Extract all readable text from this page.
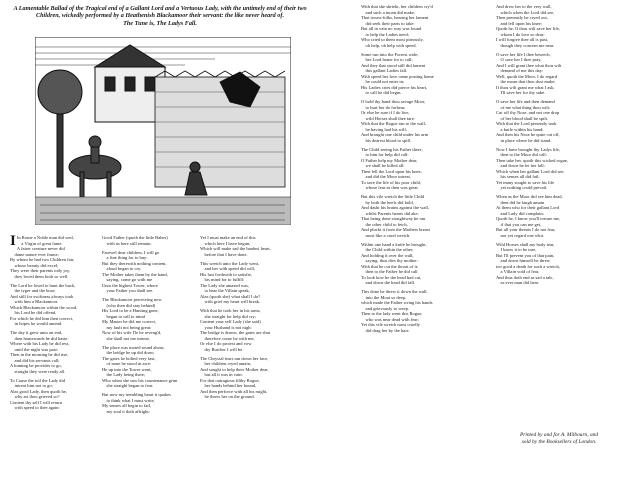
A Lamentable Ballad of the Tragical end of a Gallant Lord and a Vertuous Lady, with the untimely end of their two Children, wickedly performed by a Heathenish Blackamoor their servant: the like never heard of.
The Tune is, The Ladys Fall.

I In Rome a Noble man did wed,
 a Virgin of great fame.
A fairer creature never did
 dame nature ever frame;
By whom he had two Children fair,
 whose beauty did excel;
They were their parents only joy,
 they loved them both so well.

The Lord he loved to hunt the buck,
 the tyger and the boar;
And still for swiftness always took
 with him a Blackamoor.
Which Blackamoor within the wood,
 his Lord he did offend,
For which he did him then correct,
 in hopes he would amend.

The day it grew unto an end,
 then homewards he did haste,
Where with his Lady he did rest,
 until the night was past:
Then in the morning he did rise,
 and did his servants call;
A hunting he provides to go,
 straight they were ready all.

To Cause the toil the Lady did
 intreat him not to go;
Alas good Lady, then quoth he,
 why art thou grieved so?
Content thy self I will return
 with speed to thee again:

Good Father (quoth the little Babes)
 with us here still remain.

Farewel dear children, I will go
 a fine thing for to buy:
But they therewith nothing content,
 aloud began to cry:
The Mother takes them by the hand,
 saying, come go with me
Unto the highest Tower, where
 your Father you shall see.

The Blackamoor perceiving now
 (who then did stay behind)
His Lord to be a Hunting gone,
 began to call to mind
My Master he did me correct,
 my fault not being great:
Now of his wife I'le be reveng'd,
 she shall not me intreat.

The place was moted round about,
 the bridge he up did draw;
The gates he bolted very fast,
 of none he stood in awe:
He up into the Tower went,
 the Lady being there;
Who when she saw his countenance grim
 she straight began to fear.

But now my trembling heart it quakes
 to think what I must write,
My senses all begin to fail,
 my soul it doth affright:

Yet I must make an end of this
 which here I have begun,
Which will make sad the hardest heart,
 before that I have done.

This wretch unto the Lady went,
 and her with speed did will,
His lust forthwith to satisfie,
 his mind for to fulfill:
The Lady she amazed was,
 to hear the Villain speak,
Alas (quoth she) what shall I do?
 with grief my heart will break.

With that he took her in his arms,
 she straight for help did cry;
Content your self Lady (she said)
 your Husband is not nigh:
The bridge is drawn, the gates are shut
 therefore come lie with me,
Or else I do protest and vow
 thy Butcher I will be.

The Chrystal tears ran down her face,
 her children cryed amain,
And sought to help their Mother dear,
 but all it was in vain:
For that outragious filthy Rogue,
 her hands behind her bound,
And then perforce with all his might,
 he threw her on the ground.

With that she shriekt, her children cry'd
 and such a moan did make,
That towns-folks, hearing her lament
 did seek their parts to take:
But all in vain no way was found
 to help the Ladies need;
Who cried to them most piteously,
 oh help, oh help with speed.

Some run into the Forrest wide,
 her Lord home for to call;
And they that stood still did lament
 this gallant Ladies fall.
With speed her love came posting home
 he could not enter in;
His Ladies cries did pierce his heart,
 to call he did begin.

O hold thy hand thou savage Moor,
 to hurt her do forbear,
Or else be sure if I do live,
 wild Horses shall thee tare:
With that the Rogue ran to the wall,
 he having had his will,
And brought one child under his arm
 his dearest blood to spill.

The Child seeing his Father there,
 to him for help did call:
O Father help my Mother dear,
 we shall be killed all:
Then fell the Lord upon his knee,
 and did the Moor intreat,
To save the life of his poor child,
 whose fear as then was great.

But this vile wretch the little Child
 by both the heels did hold,
And dasht his brains against the wall,
 whilst Parents hearts did ake:
That being done straightway he ran
 the other child to fetch,
And pluckt it from the Mothers breast
 most like a cruel wretch.

Within one hand a knife he brought,
 the Child within the other;
And holding it over the wall,
 saying, thus dies thy mother:
With that he cut the throat of it;
 then to the Father he did call
To look how he the head had cut,
 and down the head did fall.

This done he threw it down the wall,
 into the Moat so deep,
which made the Father wring his hands
 and grievously to weep.
Then to the lady went this Rogue,
 who was near dead with fear;
Yet this vile wretch most cruelly
 did drag her by the hair:

And drew her to the very wall,
 which when the Lord did see,
Then presently he cryed out,
 and fell upon his knee:
Quoth he, If thou wilt save her life,
 whom I do love so dear:
I will forgive thee all is past,
 though they concern me near.

O save her life I thee beseech,
 O save her I thee pray,
And I will grant thee what thou wilt
 demand of me this day:
Well, quoth the Moor, I do regard
 the moan that thou dost make;
If thou wilt grant me what I ask,
 I'll save her for thy sake.

O save her life and then demand
 of me what thing thou wilt:
Cut off thy Nose, and not one drop
 of her blood shall be spilt.
With that the Lord presently took
 a knife within his hand;
And then his Nose he quite cut off,
 in place where he did stand.

Now I have brought thy Ladys life,
 then to the Moor did call:
Then take her, quoth this wicked rogue,
 and down he let her fall:
Which when her gallant Lord did see,
 his senses all did fail:
Yet many sought to save his life
 yet nothing could prevail.

When as the Moor did see him dead,
 then did he laugh amain
At them who for their gallant Lord
 and Lady did complain:
Quoth he, I know you'll torture me,
 if that you can me get,
But all your threats I do not fear,
 nor yet regard one whit.

Wild Horses shall my body tear,
 I know it to be true,
But I'll prevent you of that pain,
 and down himself he threw
too good a death for such a wretch,
 a Villain void of fear,
And thus doth end as sad a tale,
 as ever man did hear.

Printed by and for A. Milbourn, and
sold by the Booksellers of London.
